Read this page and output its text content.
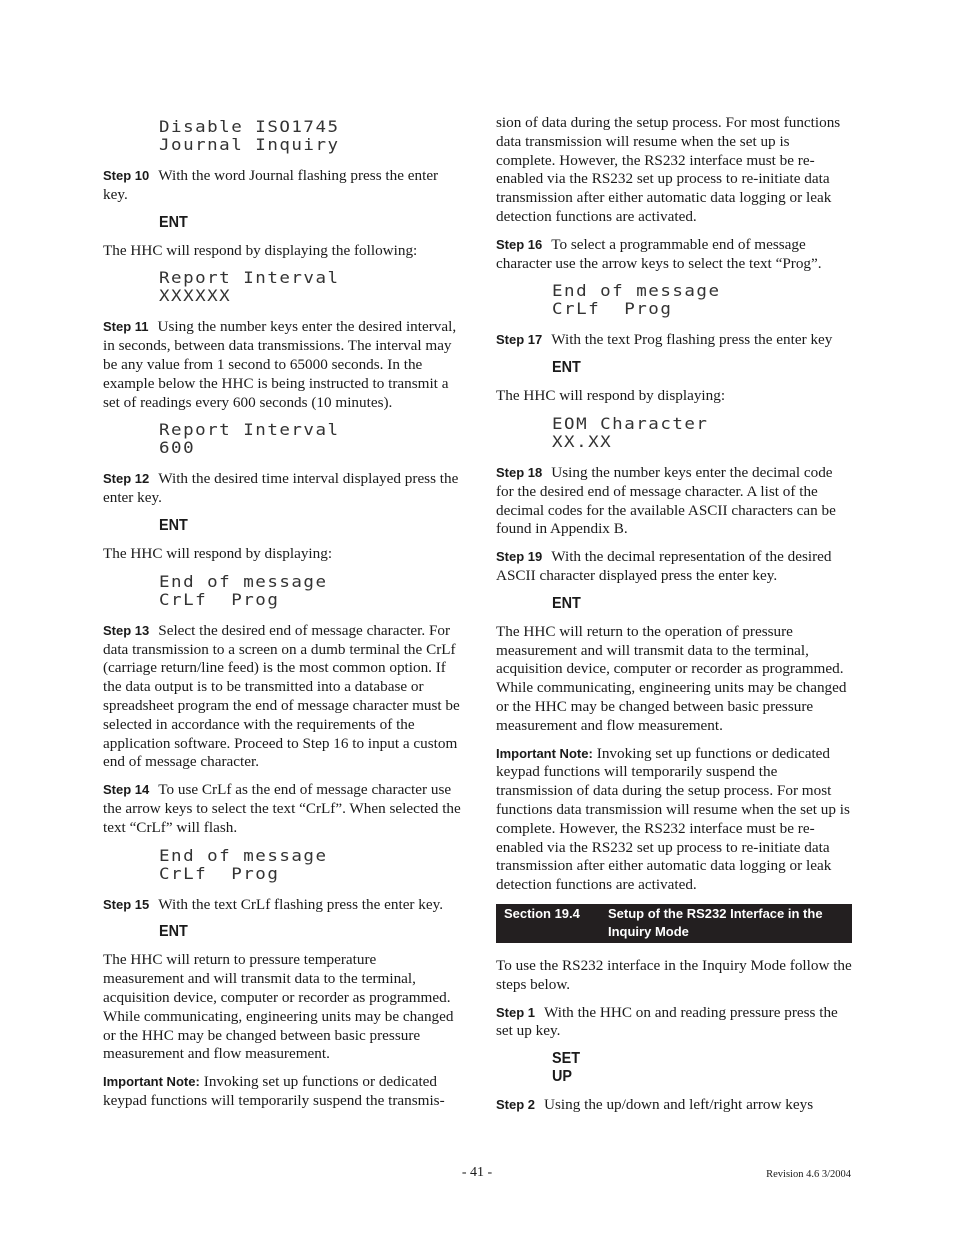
Disable ISO1745
Journal Inquiry

Step 10 With the word Journal flashing press the enter key.

ENT

The HHC will respond by displaying the following:

Report Interval
XXXXXX

Step 11 Using the number keys enter the desired interval, in seconds, between data transmissions. The interval may be any value from 1 second to 65000 seconds. In the example below the HHC is being instructed to transmit a set of readings every 600 seconds (10 minutes).

Report Interval
600

Step 12 With the desired time interval displayed press the enter key.

ENT

The HHC will respond by displaying:

End of message
CrLf  Prog

Step 13 Select the desired end of message character. For data transmission to a screen on a dumb terminal the CrLf (carriage return/line feed) is the most common option. If the data output is to be transmitted into a database or spreadsheet program the end of message character must be selected in accordance with the requirements of the application software. Proceed to Step 16 to input a custom end of message character.

Step 14 To use CrLf as the end of message character use the arrow keys to select the text “CrLf”. When selected the text “CrLf” will flash.

End of message
CrLf  Prog

Step 15 With the text CrLf flashing press the enter key.

ENT

The HHC will return to pressure temperature measurement and will transmit data to the terminal, acquisition device, computer or recorder as programmed. While communicating, engineering units may be changed or the HHC may be changed between basic pressure measurement and flow measurement.

Important Note: Invoking set up functions or dedicated keypad functions will temporarily suspend the transmis-

sion of data during the setup process. For most functions data transmission will resume when the set up is complete. However, the RS232 interface must be re-enabled via the RS232 set up process to re-initiate data transmission after either automatic data logging or leak detection functions are activated.

Step 16 To select a programmable end of message character use the arrow keys to select the text “Prog”.

End of message
CrLf  Prog

Step 17 With the text Prog flashing press the enter key

ENT

The HHC will respond by displaying:

EOM Character
XX.XX

Step 18 Using the number keys enter the decimal code for the desired end of message character. A list of the decimal codes for the available ASCII characters can be found in Appendix B.

Step 19 With the decimal representation of the desired ASCII character displayed press the enter key.

ENT

The HHC will return to the operation of pressure measurement and will transmit data to the terminal, acquisition device, computer or recorder as programmed. While communicating, engineering units may be changed or the HHC may be changed between basic pressure measurement and flow measurement.

Important Note: Invoking set up functions or dedicated keypad functions will temporarily suspend the transmission of data during the setup process. For most functions data transmission will resume when the set up is complete. However, the RS232 interface must be re-enabled via the RS232 set up process to re-initiate data transmission after either automatic data logging or leak detection functions are activated.

Section 19.4	Setup of the RS232 Interface in the Inquiry Mode

To use the RS232 interface in the Inquiry Mode follow the steps below.

Step 1 With the HHC on and reading pressure press the set up key.

SET
UP

Step 2 Using the up/down and left/right arrow keys

- 41 -	Revision 4.6 3/2004
